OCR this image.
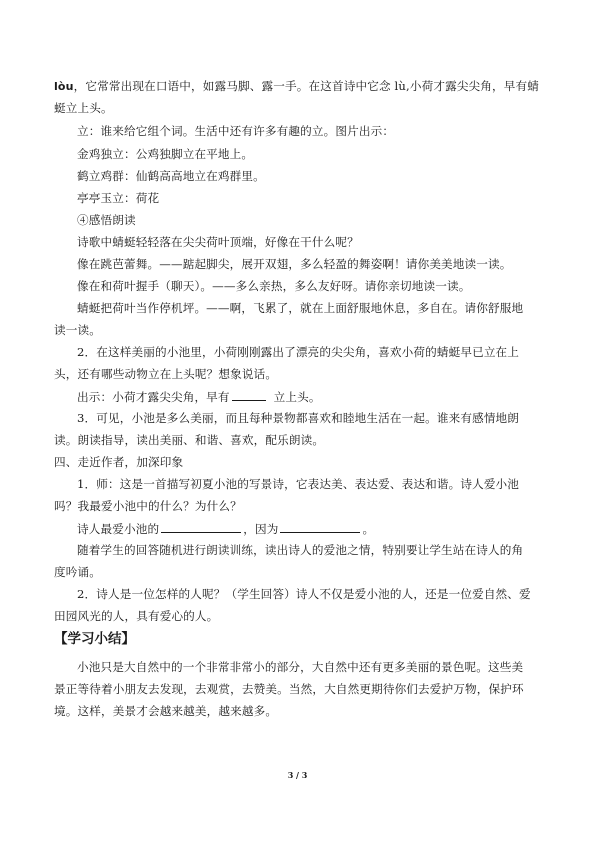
lòu，它常常出现在口语中，如露马脚、露一手。在这首诗中它念 lù,小荷才露尖尖角，早有蜻
蜓立上头。
立：谁来给它组个词。生活中还有许多有趣的立。图片出示：
金鸡独立：公鸡独脚立在平地上。
鹤立鸡群：仙鹤高高地立在鸡群里。
亭亭玉立：荷花
④感悟朗读
诗歌中蜻蜓轻轻落在尖尖荷叶顶端，好像在干什么呢？
像在跳芭蕾舞。——踮起脚尖，展开双翅，多么轻盈的舞姿啊！请你美美地读一读。
像在和荷叶握手（聊天）。——多么亲热，多么友好呀。请你亲切地读一读。
蜻蜓把荷叶当作停机坪。——啊，飞累了，就在上面舒服地休息，多自在。请你舒服地
读一读。
2．在这样美丽的小池里，小荷刚刚露出了漂亮的尖尖角，喜欢小荷的蜻蜓早已立在上
头，还有哪些动物立在上头呢？想象说话。
出示：小荷才露尖尖角，早有	立上头。
3．可见，小池是多么美丽，而且每种景物都喜欢和睦地生活在一起。谁来有感情地朗
读。朗读指导，读出美丽、和谐、喜欢，配乐朗读。
四、走近作者，加深印象
1．师：这是一首描写初夏小池的写景诗，它表达美、表达爱、表达和谐。诗人爱小池
吗？我最爱小池中的什么？为什么？
诗人最爱小池的	，因为	。
随着学生的回答随机进行朗读训练，读出诗人的爱池之情，特别要让学生站在诗人的角
度吟诵。
2．诗人是一位怎样的人呢？（学生回答）诗人不仅是爱小池的人，还是一位爱自然、爱
田园风光的人，具有爱心的人。
【学习小结】
小池只是大自然中的一个非常非常小的部分，大自然中还有更多美丽的景色呢。这些美
景正等待着小朋友去发现，去观赏，去赞美。当然，大自然更期待你们去爱护万物，保护环
境。这样，美景才会越来越美，越来越多。
3 / 3
